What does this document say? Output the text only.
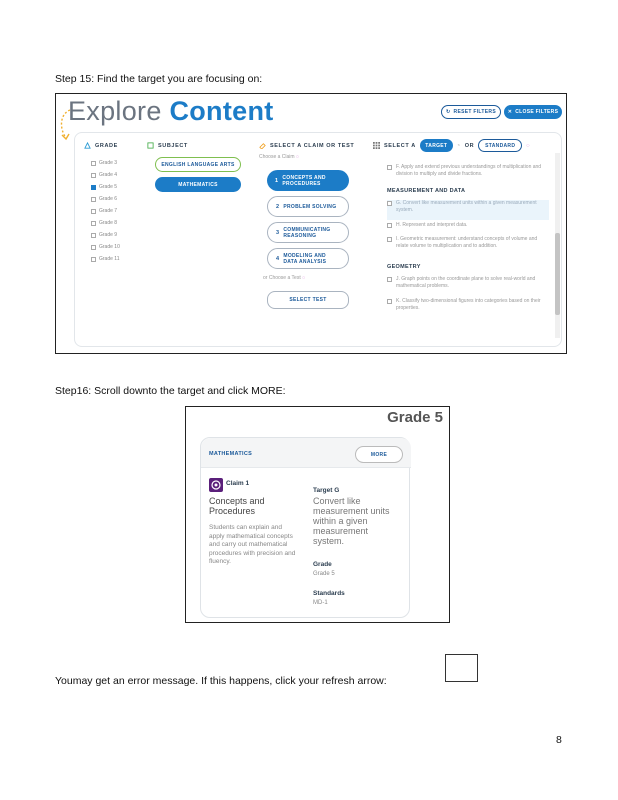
Step 15: Find the target you are focusing on:
Explore Content	↻ RESET FILTERS ✕ CLOSE FILTERS
GRADE	SUBJECT	SELECT A CLAIM OR TEST	SELECT A	TARGET	◔ OR	STANDARD	◌
Grade 3
Grade 4
Grade 5
Grade 6
Grade 7
Grade 8
Grade 9
Grade 10
Grade 11
ENGLISH LANGUAGE ARTS
MATHEMATICS
Choose a Claim ◌
1 CONCEPTS AND
PROCEDURES
2 PROBLEM SOLVING
3 COMMUNICATING
REASONING
4 MODELING AND
DATA ANALYSIS
or Choose a Test ◌
SELECT TEST
F. Apply and extend previous understandings of multiplication and division to multiply and divide fractions.
MEASUREMENT AND DATA
G. Convert like measurement units within a given measurement system.
H. Represent and interpret data.
I. Geometric measurement: understand concepts of volume and relate volume to multiplication and to addition.
GEOMETRY
J. Graph points on the coordinate plane to solve real-world and mathematical problems.
K. Classify two-dimensional figures into categories based on their properties.
Step16: Scroll downto the target and click MORE:
Grade 5
MATHEMATICS	MORE
Claim 1
Concepts and
Procedures
Students can explain and
apply mathematical concepts
and carry out mathematical
procedures with precision and
fluency.
Target G
Convert like
measurement units
within a given
measurement
system.
Grade
Grade 5
Standards
MD-1
Youmay get an error message. If this happens, click your refresh arrow:
8
